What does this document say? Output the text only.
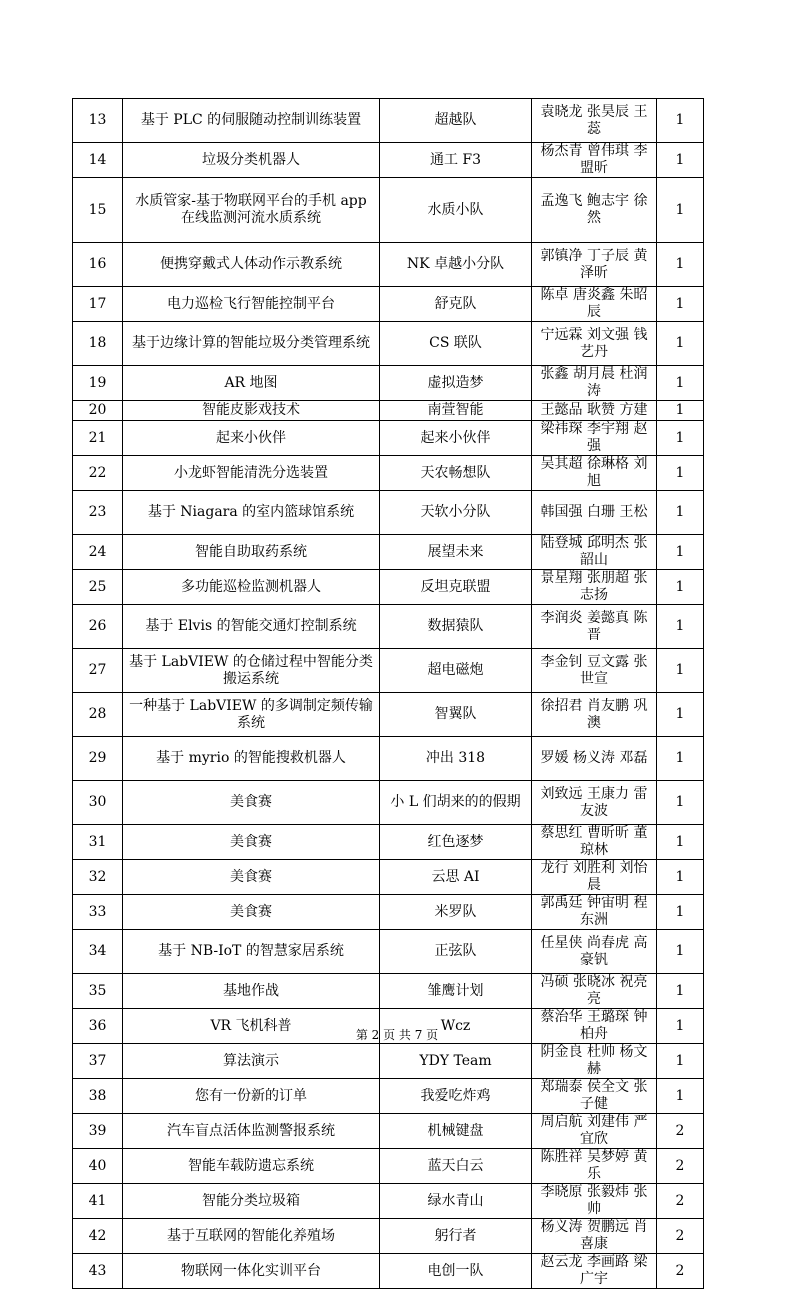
13	基于 PLC 的伺服随动控制训练装置	超越队	袁晓龙 张昊辰 王蕊	1
14	垃圾分类机器人	通工 F3	杨杰青 曾伟琪 李盟昕	1
15	水质管家-基于物联网平台的手机 app 在线监测河流水质系统	水质小队	孟逸飞 鲍志宇 徐然	1
16	便携穿戴式人体动作示教系统	NK 卓越小分队	郭镇净 丁子辰 黄泽昕	1
17	电力巡检飞行智能控制平台	舒克队	陈卓 唐炎鑫 朱昭辰	1
18	基于边缘计算的智能垃圾分类管理系统	CS 联队	宁远霖 刘文强 钱艺丹	1
19	AR 地图	虚拟造梦	张鑫 胡月晨 杜润涛	1
20	智能皮影戏技术	南萱智能	王懿品 耿赞 方建	1
21	起来小伙伴	起来小伙伴	梁祎琛 李宇翔 赵强	1
22	小龙虾智能清洗分选装置	天农畅想队	吴其超 徐琳格 刘旭	1
23	基于 Niagara 的室内篮球馆系统	天软小分队	韩国强 白珊 王松	1
24	智能自助取药系统	展望未来	陆登城 邱明杰 张韶山	1
25	多功能巡检监测机器人	反坦克联盟	景星翔 张朋超 张志扬	1
26	基于 Elvis 的智能交通灯控制系统	数据猿队	李润炎 姜懿真 陈晋	1
27	基于 LabVIEW 的仓储过程中智能分类搬运系统	超电磁炮	李金钊 豆文露 张世宣	1
28	一种基于 LabVIEW 的多调制定频传输系统	智翼队	徐招君 肖友鹏 巩澳	1
29	基于 myrio 的智能搜救机器人	冲出 318	罗媛 杨义涛 邓磊	1
30	美食赛	小 L 们胡来的的假期	刘致远 王康力 雷友波	1
31	美食赛	红色逐梦	蔡思红 曹昕昕 董琼林	1
32	美食赛	云思 AI	龙行 刘胜利 刘怡晨	1
33	美食赛	米罗队	郭禹廷 钟宙明 程东洲	1
34	基于 NB-IoT 的智慧家居系统	正弦队	任星侠 尚春虎 高豪钒	1
35	基地作战	雏鹰计划	冯硕 张晓冰 祝亮亮	1
36	VR 飞机科普	Wcz	蔡治华 王璐琛 钟柏舟	1
37	算法演示	YDY Team	阴金良 杜帅 杨文赫	1
38	您有一份新的订单	我爱吃炸鸡	郑瑞泰 侯全文 张子健	1
39	汽车盲点活体监测警报系统	机械键盘	周启航 刘建伟 严宜欣	2
40	智能车载防遗忘系统	蓝天白云	陈胜祥 吴梦婷 黄乐	2
41	智能分类垃圾箱	绿水青山	李晓原 张毅炜 张帅	2
42	基于互联网的智能化养殖场	躬行者	杨义涛 贺鹏远 肖喜康	2
43	物联网一体化实训平台	电创一队	赵云龙 李画路 梁广宇	2
第 2 页 共 7 页
